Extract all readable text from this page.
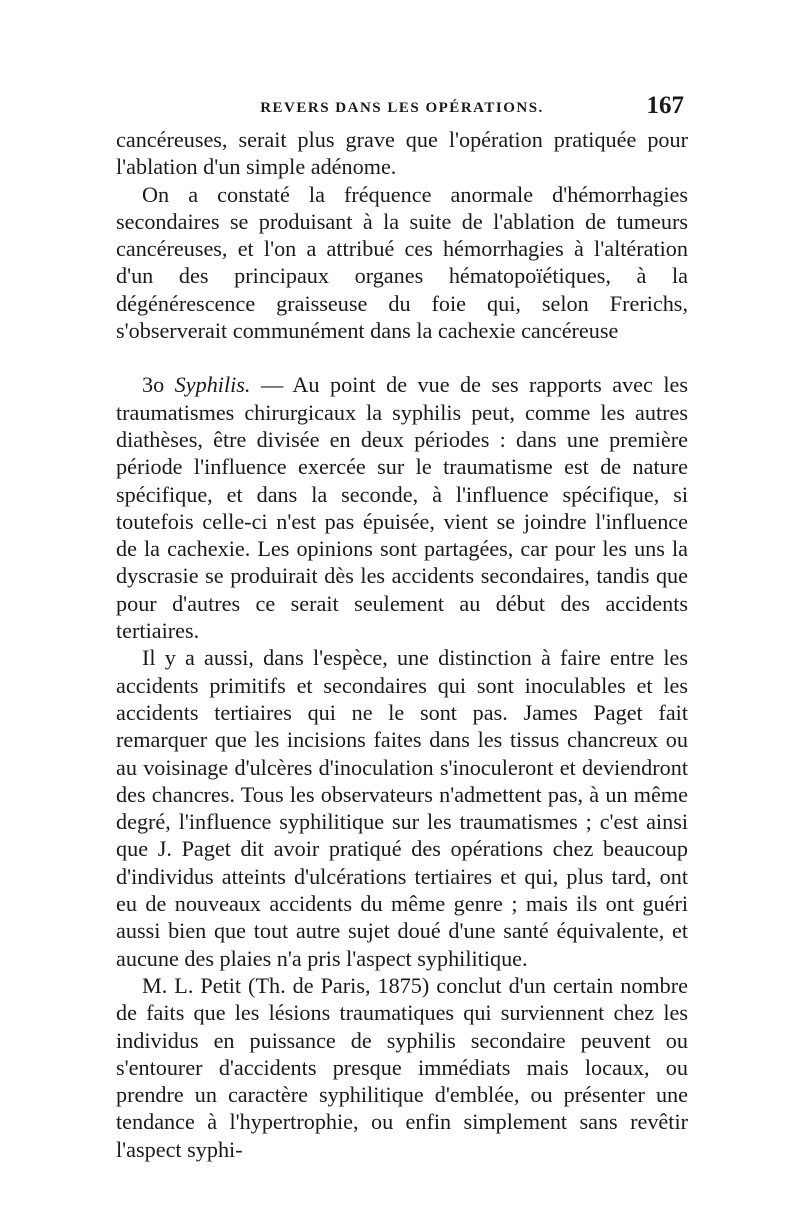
REVERS DANS LES OPÉRATIONS.	167

cancéreuses, serait plus grave que l'opération pratiquée pour l'ablation d'un simple adénome.

On a constaté la fréquence anormale d'hémorrhagies secondaires se produisant à la suite de l'ablation de tumeurs cancéreuses, et l'on a attribué ces hémorrhagies à l'altération d'un des principaux organes hématopoïétiques, à la dégénérescence graisseuse du foie qui, selon Frerichs, s'observerait communément dans la cachexie cancéreuse

3o Syphilis. — Au point de vue de ses rapports avec les traumatismes chirurgicaux la syphilis peut, comme les autres diathèses, être divisée en deux périodes : dans une première période l'influence exercée sur le traumatisme est de nature spécifique, et dans la seconde, à l'influence spécifique, si toutefois celle-ci n'est pas épuisée, vient se joindre l'influence de la cachexie. Les opinions sont partagées, car pour les uns la dyscrasie se produirait dès les accidents secondaires, tandis que pour d'autres ce serait seulement au début des accidents tertiaires.

Il y a aussi, dans l'espèce, une distinction à faire entre les accidents primitifs et secondaires qui sont inoculables et les accidents tertiaires qui ne le sont pas. James Paget fait remarquer que les incisions faites dans les tissus chancreux ou au voisinage d'ulcères d'inoculation s'inoculeront et deviendront des chancres. Tous les observateurs n'admettent pas, à un même degré, l'influence syphilitique sur les traumatismes ; c'est ainsi que J. Paget dit avoir pratiqué des opérations chez beaucoup d'individus atteints d'ulcérations tertiaires et qui, plus tard, ont eu de nouveaux accidents du même genre ; mais ils ont guéri aussi bien que tout autre sujet doué d'une santé équivalente, et aucune des plaies n'a pris l'aspect syphilitique.

M. L. Petit (Th. de Paris, 1875) conclut d'un certain nombre de faits que les lésions traumatiques qui surviennent chez les individus en puissance de syphilis secondaire peuvent ou s'entourer d'accidents presque immédiats mais locaux, ou prendre un caractère syphilitique d'emblée, ou présenter une tendance à l'hypertrophie, ou enfin simplement sans revêtir l'aspect syphi-
